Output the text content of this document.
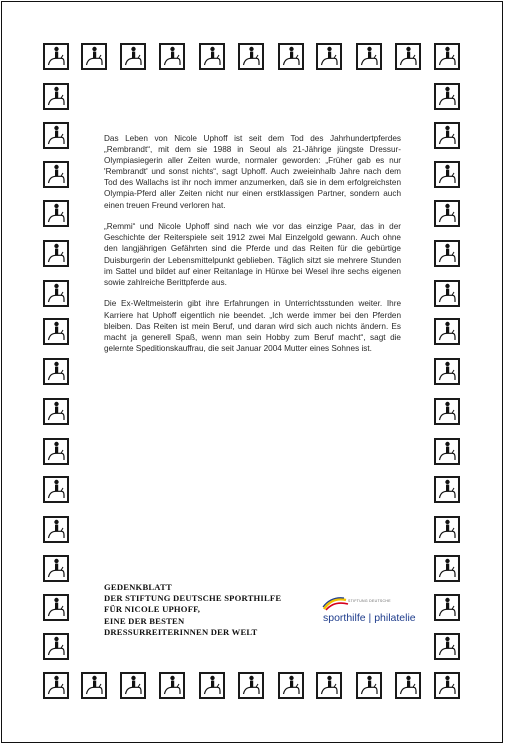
Das Leben von Nicole Uphoff ist seit dem Tod des Jahrhundertpferdes „Rembrandt“, mit dem sie 1988 in Seoul als 21-Jährige jüngste Dressur-Olympiasiegerin aller Zeiten wurde, normaler geworden: „Früher gab es nur 'Rembrandt' und sonst nichts“, sagt Uphoff. Auch zweieinhalb Jahre nach dem Tod des Wallachs ist ihr noch immer anzumerken, daß sie in dem erfolgreichsten Olympia-Pferd aller Zeiten nicht nur einen erstklassigen Partner, sondern auch einen treuen Freund verloren hat.

„Remmi“ und Nicole Uphoff sind nach wie vor das einzige Paar, das in der Geschichte der Reiterspiele seit 1912 zwei Mal Einzelgold gewann. Auch ohne den langjährigen Gefährten sind die Pferde und das Reiten für die gebürtige Duisburgerin der Lebensmittelpunkt geblieben. Täglich sitzt sie mehrere Stunden im Sattel und bildet auf einer Reitanlage in Hünxe bei Wesel ihre sechs eigenen sowie zahlreiche Berittpferde aus.

Die Ex-Weltmeisterin gibt ihre Erfahrungen in Unterrichtsstunden weiter. Ihre Karriere hat Uphoff eigentlich nie beendet. „Ich werde immer bei den Pferden bleiben. Das Reiten ist mein Beruf, und daran wird sich auch nichts ändern. Es macht ja generell Spaß, wenn man sein Hobby zum Beruf macht“, sagt die gelernte Speditionskauffrau, die seit Januar 2004 Mutter eines Sohnes ist.

GEDENKBLATT
DER STIFTUNG DEUTSCHE SPORTHILFE
FÜR NICOLE UPHOFF,
EINE DER BESTEN
DRESSURREITERINNEN DER WELT
STIFTUNG DEUTSCHE
sporthilfe | philatelie
